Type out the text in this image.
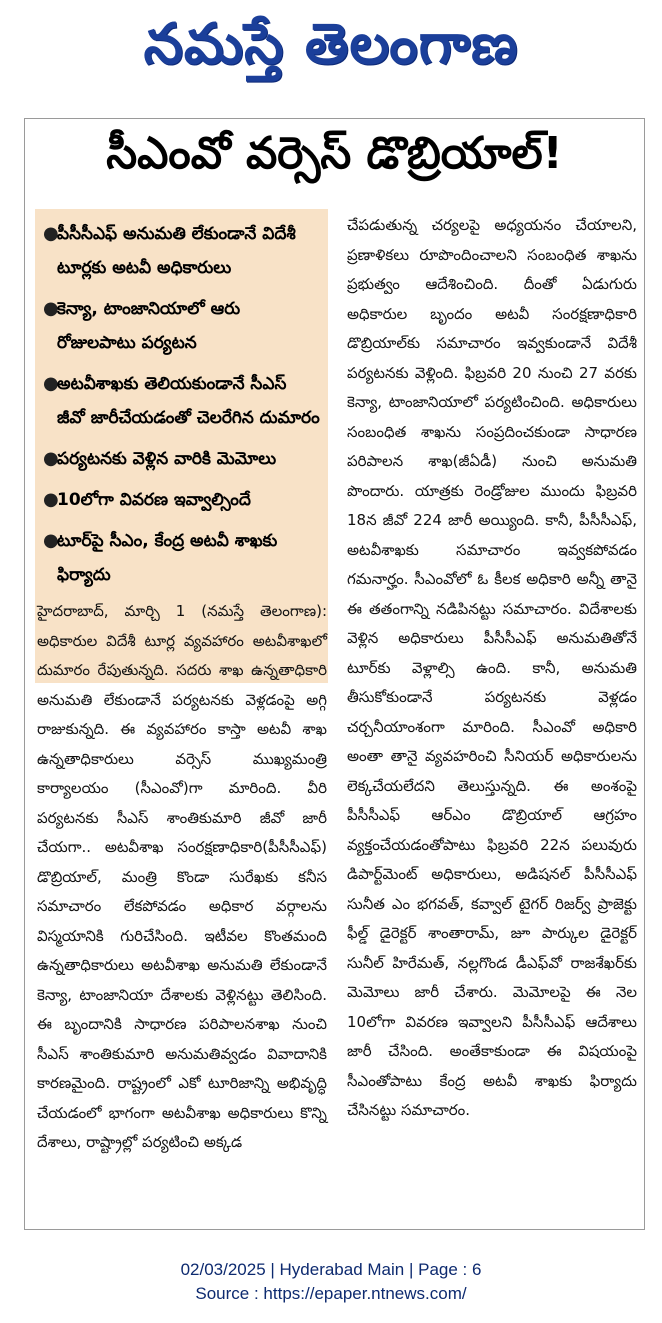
నమస్తే తెలంగాణ
సీఎంవో వర్సెస్ డొబ్రియాల్!
●
పీసీసీఎఫ్ అనుమతి లేకుండానే విదేశీ టూర్లకు అటవీ అధికారులు
●
కెన్యా, టాంజానియాలో ఆరు రోజులపాటు పర్యటన
●
అటవీశాఖకు తెలియకుండానే సీఎస్ జీవో జారీచేయడంతో చెలరేగిన దుమారం
●
పర్యటనకు వెళ్లిన వారికి మెమోలు
●
10లోగా వివరణ ఇవ్వాల్సిందే
●
టూర్‌పై సీఎం, కేంద్ర అటవీ శాఖకు ఫిర్యాదు

హైదరాబాద్, మార్చి 1 (నమస్తే తెలంగాణ): అధికారుల విదేశీ టూర్ల వ్యవహారం అటవీశాఖలో దుమారం రేపుతున్నది. సదరు శాఖ ఉన్నతాధికారి అనుమతి లేకుండానే పర్యటనకు వెళ్లడంపై అగ్గి రాజుకున్నది. ఈ వ్యవహారం కాస్తా అటవీ శాఖ ఉన్నతాధికారులు వర్సెస్ ముఖ్యమంత్రి కార్యాలయం (సీఎంవో)గా మారింది. వీరి పర్యటనకు సీఎస్ శాంతికుమారి జీవో జారీ చేయగా.. అటవీశాఖ సంరక్షణాధికారి(పీసీసీఎఫ్) డొబ్రియాల్, మంత్రి కొండా సురేఖకు కనీస సమాచారం లేకపోవడం అధికార వర్గాలను విస్మయానికి గురిచేసింది. ఇటీవల కొంతమంది ఉన్నతాధికారులు అటవీశాఖ అనుమతి లేకుండానే కెన్యా, టాంజానియా దేశాలకు వెళ్లినట్టు తెలిసింది. ఈ బృందానికి సాధారణ పరిపాలనశాఖ నుంచి సీఎస్ శాంతికుమారి అనుమతివ్వడం వివాదానికి కారణమైంది. రాష్ట్రంలో ఎకో టూరిజాన్ని అభివృద్ధి చేయడంలో భాగంగా అటవీశాఖ అధికారులు కొన్ని దేశాలు, రాష్ట్రాల్లో పర్యటించి అక్కడ

చేపడుతున్న చర్యలపై అధ్యయనం చేయాలని, ప్రణాళికలు రూపొందించాలని సంబంధిత శాఖను ప్రభుత్వం ఆదేశించింది. దీంతో ఏడుగురు అధికారుల బృందం అటవీ సంరక్షణాధికారి డొబ్రియాల్‌కు సమాచారం ఇవ్వకుండానే విదేశీ పర్యటనకు వెళ్లింది. ఫిబ్రవరి 20 నుంచి 27 వరకు కెన్యా, టాంజానియాలో పర్యటించింది. అధికారులు సంబంధిత శాఖను సంప్రదించకుండా సాధారణ పరిపాలన శాఖ(జీఏడీ) నుంచి అనుమతి పొందారు. యాత్రకు రెండ్రోజుల ముందు ఫిబ్రవరి 18న జీవో 224 జారీ అయ్యింది. కానీ, పీసీసీఎఫ్, అటవీశాఖకు సమాచారం ఇవ్వకపోవడం గమనార్హం. సీఎంవోలో ఓ కీలక అధికారి అన్నీ తానై ఈ తతంగాన్ని నడిపినట్టు సమాచారం. విదేశాలకు వెళ్లిన అధికారులు పీసీసీఎఫ్ అనుమతితోనే టూర్‌కు వెళ్లాల్సి ఉంది. కానీ, అనుమతి తీసుకోకుండానే పర్యటనకు వెళ్లడం చర్చనీయాంశంగా మారింది. సీఎంవో అధికారి అంతా తానై వ్యవహరించి సీనియర్ అధికారులను లెక్కచేయలేదని తెలుస్తున్నది. ఈ అంశంపై పీసీసీఎఫ్ ఆర్ఎం డొబ్రియాల్ ఆగ్రహం వ్యక్తంచేయడంతోపాటు ఫిబ్రవరి 22న పలువురు డిపార్ట్‌మెంట్ అధికారులు, అడిషనల్ పీసీసీఎఫ్ సునీత ఎం భగవత్, కవ్వాల్ టైగర్ రిజర్వ్ ప్రాజెక్టు ఫీల్డ్ డైరెక్టర్ శాంతారామ్, జూ పార్కుల డైరెక్టర్ సునీల్ హిరేమత్, నల్లగొండ డీఎఫ్‌వో రాజశేఖర్‌కు మెమోలు జారీ చేశారు. మెమోలపై ఈ నెల 10లోగా వివరణ ఇవ్వాలని పీసీసీఎఫ్ ఆదేశాలు జారీ చేసింది. అంతేకాకుండా ఈ విషయంపై సీఎంతోపాటు కేంద్ర అటవీ శాఖకు ఫిర్యాదు చేసినట్టు సమాచారం.

02/03/2025 | Hyderabad Main | Page : 6
Source : https://epaper.ntnews.com/
